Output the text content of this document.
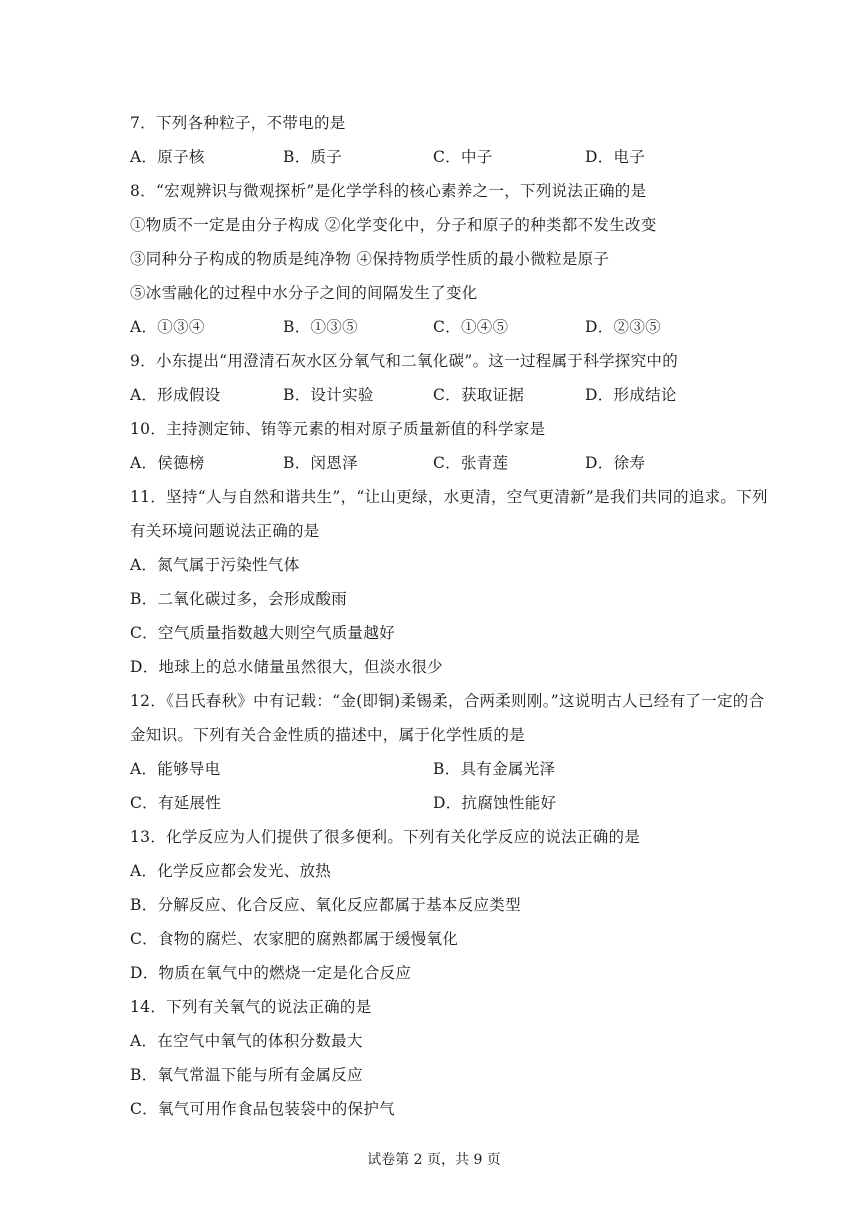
7．下列各种粒子，不带电的是
A．原子核	B．质子	C．中子	D．电子
8．“宏观辨识与微观探析”是化学学科的核心素养之一，下列说法正确的是
①物质不一定是由分子构成 ②化学变化中，分子和原子的种类都不发生改变
③同种分子构成的物质是纯净物 ④保持物质学性质的最小微粒是原子
⑤冰雪融化的过程中水分子之间的间隔发生了变化
A．①③④	B．①③⑤	C．①④⑤	D．②③⑤
9．小东提出“用澄清石灰水区分氧气和二氧化碳”。这一过程属于科学探究中的
A．形成假设	B．设计实验	C．获取证据	D．形成结论
10．主持测定铈、铕等元素的相对原子质量新值的科学家是
A．侯德榜	B．闵恩泽	C．张青莲	D．徐寿
11．坚持“人与自然和谐共生”，“让山更绿，水更清，空气更清新”是我们共同的追求。下列
有关环境问题说法正确的是
A．氮气属于污染性气体
B．二氧化碳过多，会形成酸雨
C．空气质量指数越大则空气质量越好
D．地球上的总水储量虽然很大，但淡水很少
12．《吕氏春秋》中有记载：“金(即铜)柔锡柔，合两柔则刚。”这说明古人已经有了一定的合
金知识。下列有关合金性质的描述中，属于化学性质的是
A．能够导电	B．具有金属光泽
C．有延展性	D．抗腐蚀性能好
13．化学反应为人们提供了很多便利。下列有关化学反应的说法正确的是
A．化学反应都会发光、放热
B．分解反应、化合反应、氧化反应都属于基本反应类型
C．食物的腐烂、农家肥的腐熟都属于缓慢氧化
D．物质在氧气中的燃烧一定是化合反应
14．下列有关氧气的说法正确的是
A．在空气中氧气的体积分数最大
B．氧气常温下能与所有金属反应
C．氧气可用作食品包装袋中的保护气
试卷第 2 页，共 9 页
